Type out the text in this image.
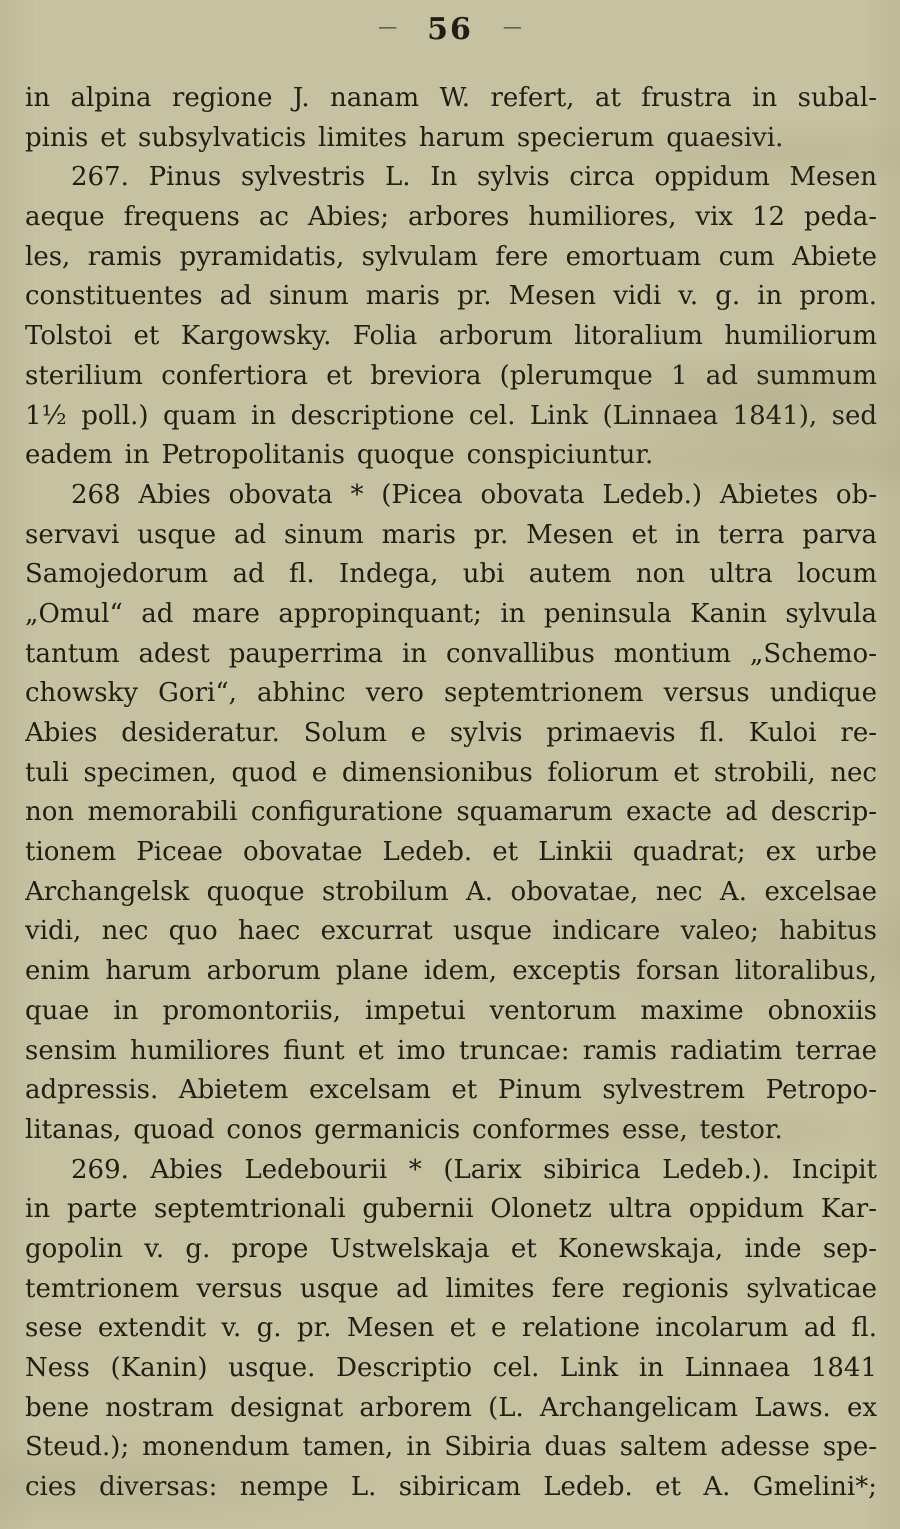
— 56 —
in alpina regione J. nanam W. refert, at frustra in subal-
pinis et subsylvaticis limites harum specierum quaesivi.
267. Pinus sylvestris L. In sylvis circa oppidum Mesen
aeque frequens ac Abies; arbores humiliores, vix 12 peda-
les, ramis pyramidatis, sylvulam fere emortuam cum Abiete
constituentes ad sinum maris pr. Mesen vidi v. g. in prom.
Tolstoi et Kargowsky. Folia arborum litoralium humiliorum
sterilium confertiora et breviora (plerumque 1 ad summum
1½ poll.) quam in descriptione cel. Link (Linnaea 1841), sed
eadem in Petropolitanis quoque conspiciuntur.
268 Abies obovata * (Picea obovata Ledeb.) Abietes ob-
servavi usque ad sinum maris pr. Mesen et in terra parva
Samojedorum ad fl. Indega, ubi autem non ultra locum
„Omul“ ad mare appropinquant; in peninsula Kanin sylvula
tantum adest pauperrima in convallibus montium „Schemo-
chowsky Gori“, abhinc vero septemtrionem versus undique
Abies desideratur. Solum e sylvis primaevis fl. Kuloi re-
tuli specimen, quod e dimensionibus foliorum et strobili, nec
non memorabili configuratione squamarum exacte ad descrip-
tionem Piceae obovatae Ledeb. et Linkii quadrat; ex urbe
Archangelsk quoque strobilum A. obovatae, nec A. excelsae
vidi, nec quo haec excurrat usque indicare valeo; habitus
enim harum arborum plane idem, exceptis forsan litoralibus,
quae in promontoriis, impetui ventorum maxime obnoxiis
sensim humiliores fiunt et imo truncae: ramis radiatim terrae
adpressis. Abietem excelsam et Pinum sylvestrem Petropo-
litanas, quoad conos germanicis conformes esse, testor.
269. Abies Ledebourii * (Larix sibirica Ledeb.). Incipit
in parte septemtrionali gubernii Olonetz ultra oppidum Kar-
gopolin v. g. prope Ustwelskaja et Konewskaja, inde sep-
temtrionem versus usque ad limites fere regionis sylvaticae
sese extendit v. g. pr. Mesen et e relatione incolarum ad fl.
Ness (Kanin) usque. Descriptio cel. Link in Linnaea 1841
bene nostram designat arborem (L. Archangelicam Laws. ex
Steud.); monendum tamen, in Sibiria duas saltem adesse spe-
cies diversas: nempe L. sibiricam Ledeb. et A. Gmelini*;
